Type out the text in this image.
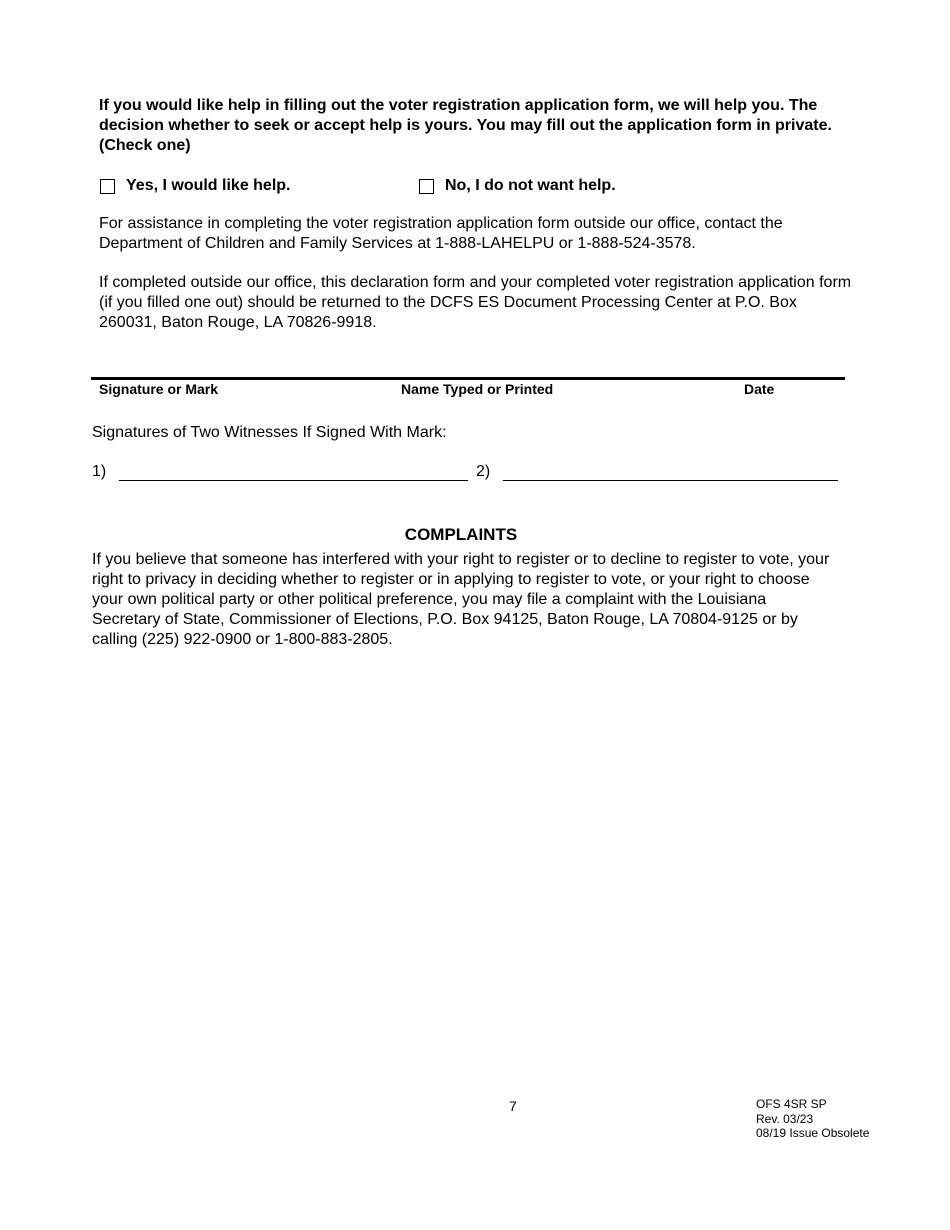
If you would like help in filling out the voter registration application form, we will help you. The decision whether to seek or accept help is yours. You may fill out the application form in private. (Check one)

Yes, I would like help.	No, I do not want help.

For assistance in completing the voter registration application form outside our office, contact the Department of Children and Family Services at 1-888-LAHELPU or 1-888-524-3578.

If completed outside our office, this declaration form and your completed voter registration application form (if you filled one out) should be returned to the DCFS ES Document Processing Center at P.O. Box 260031, Baton Rouge, LA 70826-9918.

Signature or Mark	Name Typed or Printed	Date
Signatures of Two Witnesses If Signed With Mark:
1)	2)
COMPLAINTS

If you believe that someone has interfered with your right to register or to decline to register to vote, your right to privacy in deciding whether to register or in applying to register to vote, or your right to choose your own political party or other political preference, you may file a complaint with the Louisiana Secretary of State, Commissioner of Elections, P.O. Box 94125, Baton Rouge, LA 70804-9125 or by calling (225) 922-0900 or 1-800-883-2805.

7	OFS 4SR SP
Rev. 03/23
08/19 Issue Obsolete
